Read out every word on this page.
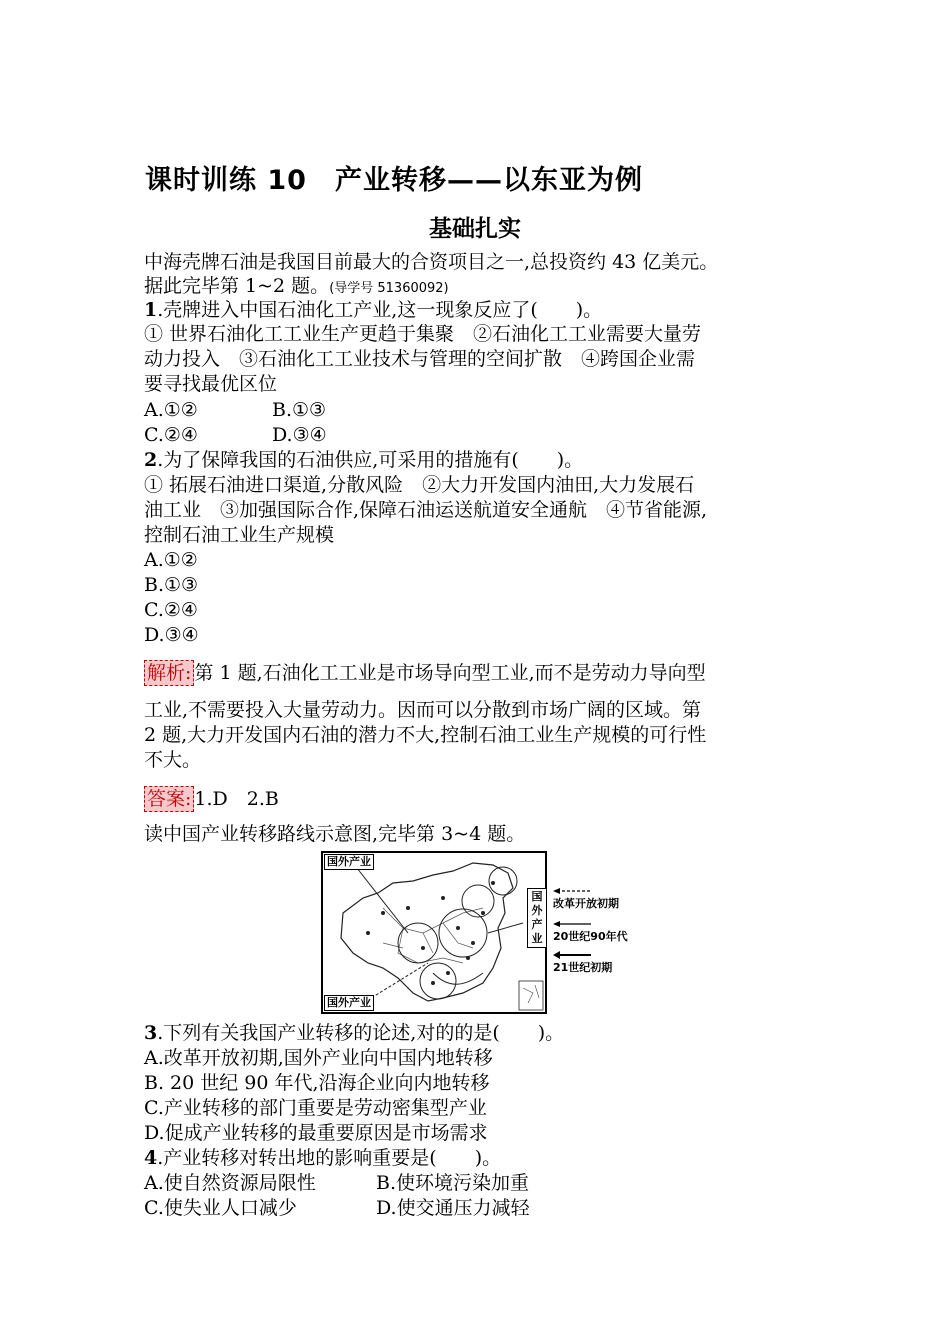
课时训练 10　产业转移——以东亚为例
基础扎实
中海壳牌石油是我国目前最大的合资项目之一,总投资约 43 亿美元。
据此完毕第 1~2 题。(导学号 51360092)
1.壳牌进入中国石油化工产业,这一现象反应了(　　)。
① 世界石油化工工业生产更趋于集聚　②石油化工工业需要大量劳
动力投入　③石油化工工业技术与管理的空间扩散　④跨国企业需
要寻找最优区位
A.①②	B.①③
C.②④	D.③④
2.为了保障我国的石油供应,可采用的措施有(　　)。
① 拓展石油进口渠道,分散风险　②大力开发国内油田,大力发展石
油工业　③加强国际合作,保障石油运送航道安全通航　④节省能源,
控制石油工业生产规模
A.①②
B.①③
C.②④
D.③④
解析: 第 1 题,石油化工工业是市场导向型工业,而不是劳动力导向型
工业,不需要投入大量劳动力。因而可以分散到市场广阔的区域。第
2 题,大力开发国内石油的潜力不大,控制石油工业生产规模的可行性
不大。
答案: 1.D　2.B
读中国产业转移路线示意图,完毕第 3~4 题。
国外产业
国外产业
国外产业
改革开放初期
20世纪90年代
21世纪初期
3.下列有关我国产业转移的论述,对的的是(　　)。
A.改革开放初期,国外产业向中国内地转移
B. 20 世纪 90 年代,沿海企业向内地转移
C.产业转移的部门重要是劳动密集型产业
D.促成产业转移的最重要原因是市场需求
4.产业转移对转出地的影响重要是(　　)。
A.使自然资源局限性	B.使环境污染加重
C.使失业人口减少	D.使交通压力减轻
